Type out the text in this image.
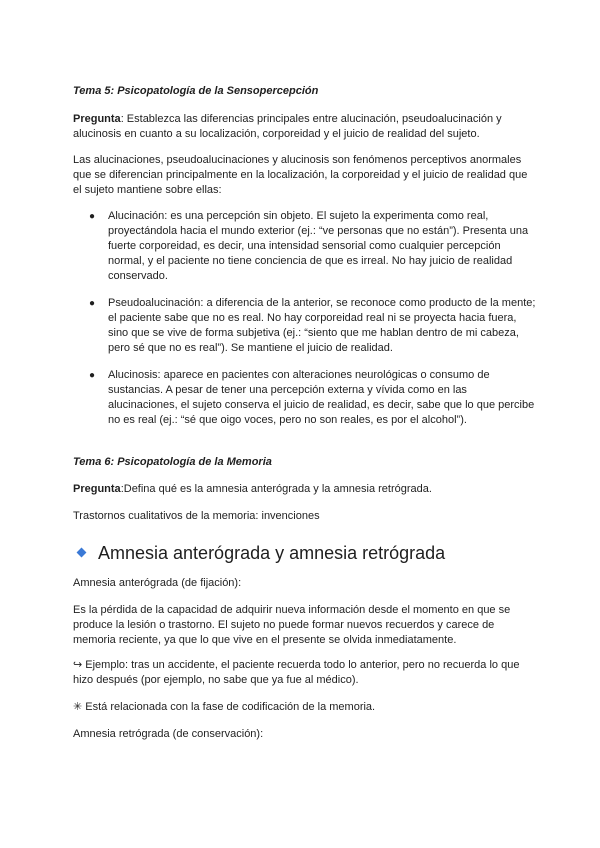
Tema 5: Psicopatología de la Sensopercepción
Pregunta: Establezca las diferencias principales entre alucinación, pseudoalucinación y alucinosis en cuanto a su localización, corporeidad y el juicio de realidad del sujeto.
Las alucinaciones, pseudoalucinaciones y alucinosis son fenómenos perceptivos anormales que se diferencian principalmente en la localización, la corporeidad y el juicio de realidad que el sujeto mantiene sobre ellas:
● Alucinación: es una percepción sin objeto. El sujeto la experimenta como real, proyectándola hacia el mundo exterior (ej.: “ve personas que no están”). Presenta una fuerte corporeidad, es decir, una intensidad sensorial como cualquier percepción normal, y el paciente no tiene conciencia de que es irreal. No hay juicio de realidad conservado.
● Pseudoalucinación: a diferencia de la anterior, se reconoce como producto de la mente; el paciente sabe que no es real. No hay corporeidad real ni se proyecta hacia fuera, sino que se vive de forma subjetiva (ej.: “siento que me hablan dentro de mi cabeza, pero sé que no es real”). Se mantiene el juicio de realidad.
● Alucinosis: aparece en pacientes con alteraciones neurológicas o consumo de sustancias. A pesar de tener una percepción externa y vívida como en las alucinaciones, el sujeto conserva el juicio de realidad, es decir, sabe que lo que percibe no es real (ej.: “sé que oigo voces, pero no son reales, es por el alcohol”).
Tema 6: Psicopatología de la Memoria
Pregunta:Defina qué es la amnesia anterógrada y la amnesia retrógrada.
Trastornos cualitativos de la memoria: invenciones
Amnesia anterógrada y amnesia retrógrada
Amnesia anterógrada (de fijación):
Es la pérdida de la capacidad de adquirir nueva información desde el momento en que se produce la lesión o trastorno. El sujeto no puede formar nuevos recuerdos y carece de memoria reciente, ya que lo que vive en el presente se olvida inmediatamente.
↪ Ejemplo: tras un accidente, el paciente recuerda todo lo anterior, pero no recuerda lo que hizo después (por ejemplo, no sabe que ya fue al médico).
✳ Está relacionada con la fase de codificación de la memoria.
Amnesia retrógrada (de conservación):
